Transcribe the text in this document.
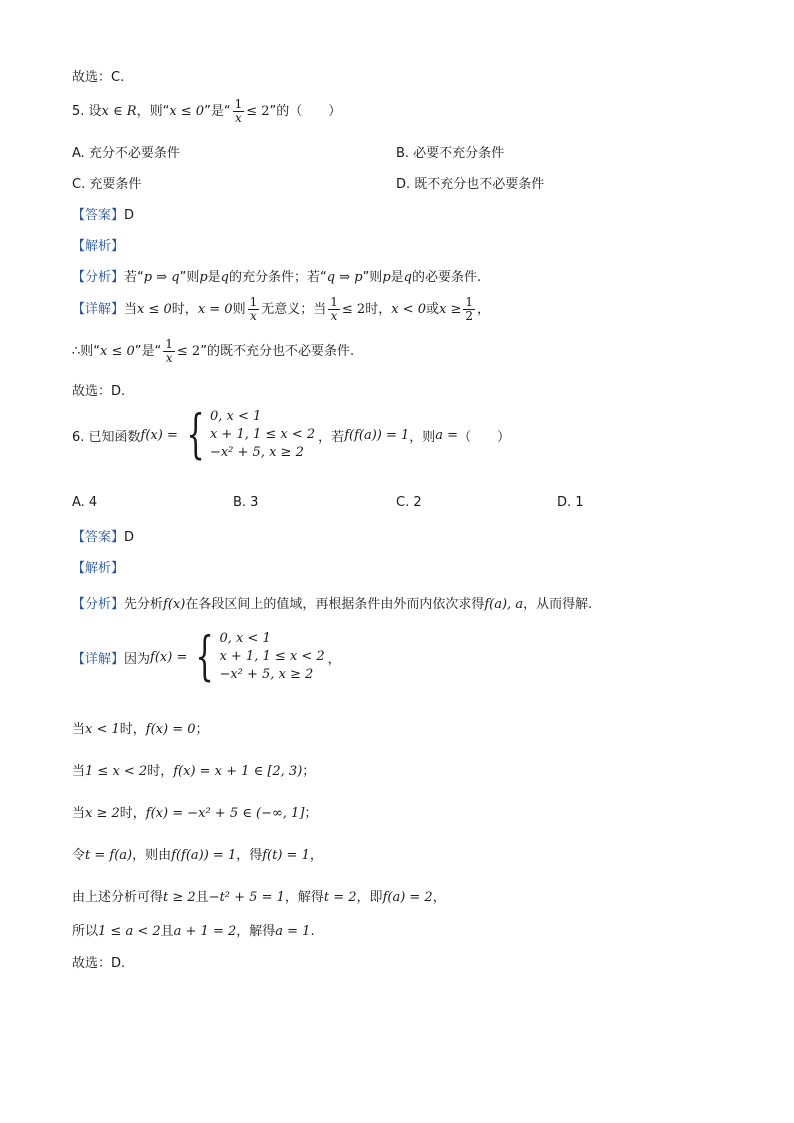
故选：C.
5. 设x ∈ R，则“x ≤ 0”是“ $\frac{1}{x} \le 2$”的（　　）
A. 充分不必要条件	B. 必要不充分条件
C. 充要条件	D. 既不充分也不必要条件
【答案】D
【解析】
【分析】若“p ⇒ q”则p是q的充分条件；若“q ⇒ p”则p是q的必要条件.
【详解】当x ≤ 0时，x = 0则 $\frac{1}{x}$ 无意义；当 $\frac{1}{x} \le 2$时，x < 0或$x \ge \frac{1}{2}$ ，
∴则“x ≤ 0”是“ $\frac{1}{x} \le 2$”的既不充分也不必要条件.
故选：D.
6. 已知函数 f(x) = { 0, x < 1
x + 1, 1 ≤ x < 2
−x² + 5, x ≥ 2
，若 f(f(a)) = 1 ，则 a = （　　）
A. 4	B. 3	C. 2	D. 1
【答案】D
【解析】
【分析】先分析f(x)在各段区间上的值域，再根据条件由外而内依次求得f(a), a，从而得解.
【详解】 因为 f(x) = { 0, x < 1
x + 1, 1 ≤ x < 2
−x² + 5, x ≥ 2
，
当x < 1时，f(x) = 0；
当1 ≤ x < 2时，f(x) = x + 1 ∈ [2, 3)；
当x ≥ 2时，f(x) = −x² + 5 ∈ (−∞, 1]；
令t = f(a)，则由f(f(a)) = 1，得f(t) = 1，
由上述分析可得t ≥ 2且−t² + 5 = 1，解得t = 2，即f(a) = 2，
所以1 ≤ a < 2且a + 1 = 2，解得a = 1.
故选：D.
